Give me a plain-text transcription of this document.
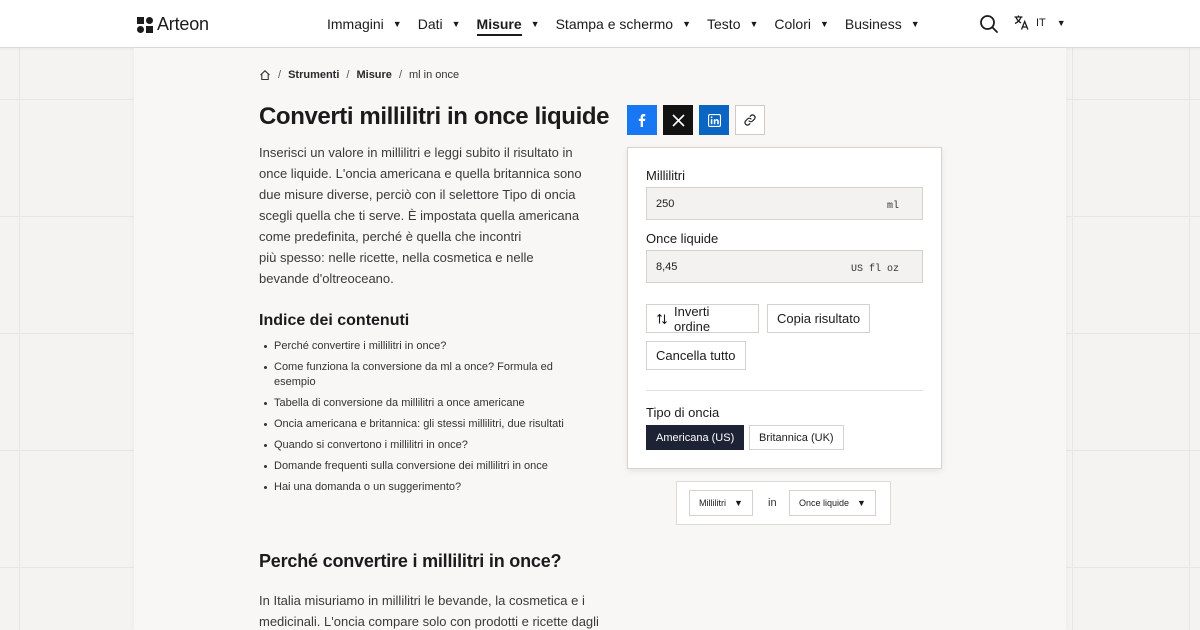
Arteon	Immagini ▼ Dati ▼ Misure ▼ Stampa e schermo ▼ Testo ▼ Colori ▼ Business ▼	IT ▼
/ Strumenti / Misure / ml in once
Converti millilitri in once liquide
Inserisci un valore in millilitri e leggi subito il risultato in
once liquide. L'oncia americana e quella britannica sono
due misure diverse, perciò con il selettore Tipo di oncia
scegli quella che ti serve. È impostata quella americana
come predefinita, perché è quella che incontri
più spesso: nelle ricette, nella cosmetica e nelle
bevande d'oltreoceano.
Indice dei contenuti
Perché convertire i millilitri in once?
Come funziona la conversione da ml a once? Formula ed esempio
Tabella di conversione da millilitri a once americane
Oncia americana e britannica: gli stessi millilitri, due risultati
Quando si convertono i millilitri in once?
Domande frequenti sulla conversione dei millilitri in once
Hai una domanda o un suggerimento?
Perché convertire i millilitri in once?
In Italia misuriamo in millilitri le bevande, la cosmetica e i
medicinali. L'oncia compare solo con prodotti e ricette dagli
Millilitri
250
ml
Once liquide
8,45
US fl oz
Inverti ordine	Copia risultato
Cancella tutto
Tipo di oncia
Americana (US) Britannica (UK)
Millilitri ▼ in Once liquide ▼
